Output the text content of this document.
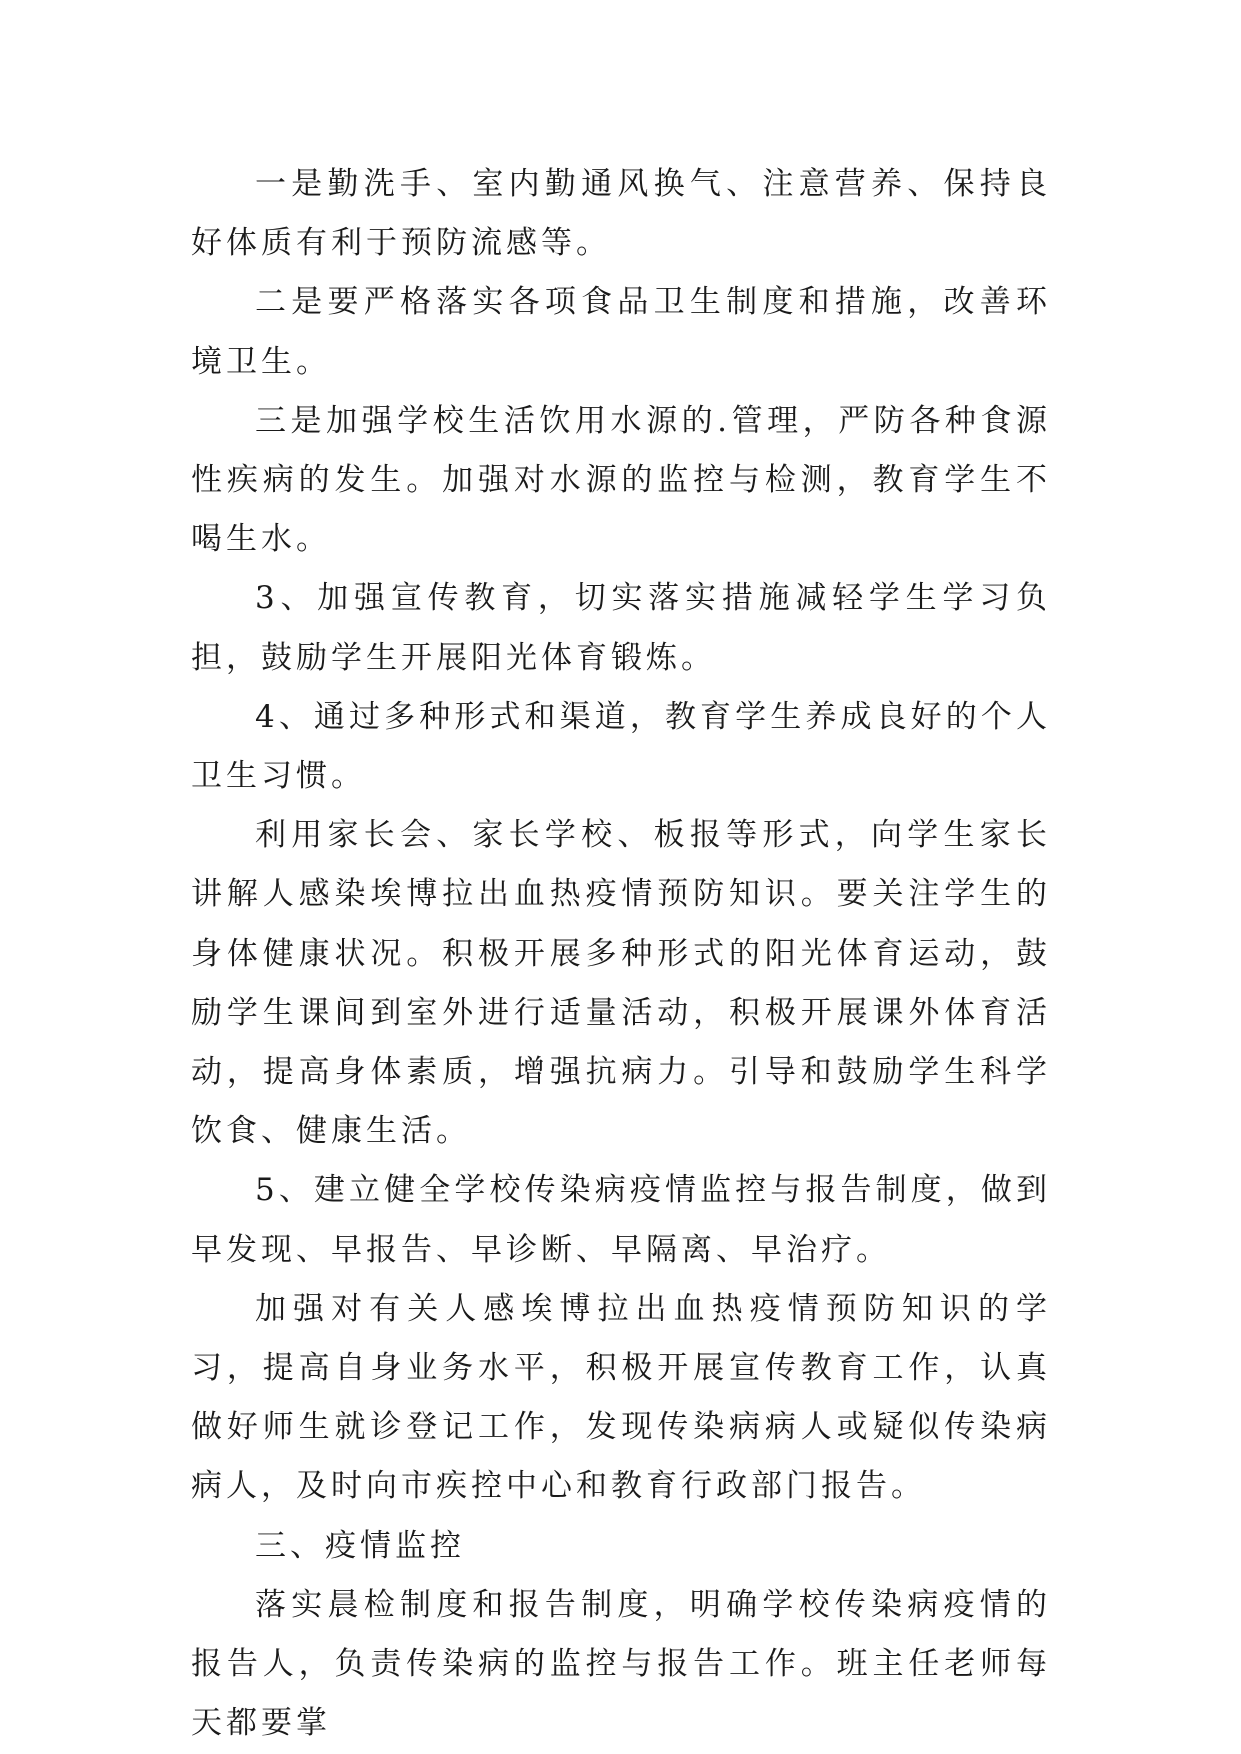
一是勤洗手、室内勤通风换气、注意营养、保持良好体质有利于预防流感等。

二是要严格落实各项食品卫生制度和措施，改善环境卫生。

三是加强学校生活饮用水源的.管理，严防各种食源性疾病的发生。加强对水源的监控与检测，教育学生不喝生水。

3、加强宣传教育，切实落实措施减轻学生学习负担，鼓励学生开展阳光体育锻炼。

4、通过多种形式和渠道，教育学生养成良好的个人卫生习惯。

利用家长会、家长学校、板报等形式，向学生家长讲解人感染埃博拉出血热疫情预防知识。要关注学生的身体健康状况。积极开展多种形式的阳光体育运动，鼓励学生课间到室外进行适量活动，积极开展课外体育活动，提高身体素质，增强抗病力。引导和鼓励学生科学饮食、健康生活。

5、建立健全学校传染病疫情监控与报告制度，做到早发现、早报告、早诊断、早隔离、早治疗。

加强对有关人感埃博拉出血热疫情预防知识的学习，提高自身业务水平，积极开展宣传教育工作，认真做好师生就诊登记工作，发现传染病病人或疑似传染病病人，及时向市疾控中心和教育行政部门报告。

三、疫情监控

落实晨检制度和报告制度，明确学校传染病疫情的报告人，负责传染病的监控与报告工作。班主任老师每天都要掌
